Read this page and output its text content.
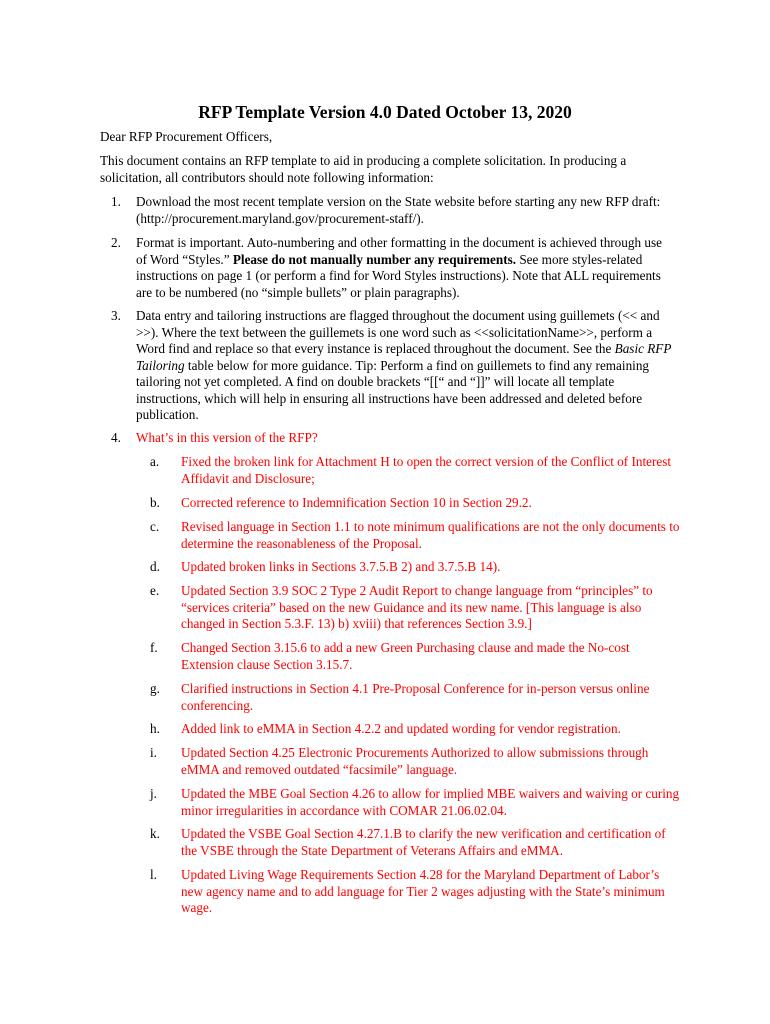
RFP Template Version 4.0 Dated October 13, 2020
Dear RFP Procurement Officers,
This document contains an RFP template to aid in producing a complete solicitation. In producing a solicitation, all contributors should note following information:
1. Download the most recent template version on the State website before starting any new RFP draft: (http://procurement.maryland.gov/procurement-staff/).
2. Format is important. Auto-numbering and other formatting in the document is achieved through use of Word “Styles.” Please do not manually number any requirements. See more styles-related instructions on page 1 (or perform a find for Word Styles instructions). Note that ALL requirements are to be numbered (no “simple bullets” or plain paragraphs).
3. Data entry and tailoring instructions are flagged throughout the document using guillemets (<< and >>). Where the text between the guillemets is one word such as <<solicitationName>>, perform a Word find and replace so that every instance is replaced throughout the document. See the Basic RFP Tailoring table below for more guidance. Tip: Perform a find on guillemets to find any remaining tailoring not yet completed. A find on double brackets “[[“ and “]]” will locate all template instructions, which will help in ensuring all instructions have been addressed and deleted before publication.
4. What’s in this version of the RFP?
a.	Fixed the broken link for Attachment H to open the correct version of the Conflict of Interest Affidavit and Disclosure;
b.	Corrected reference to Indemnification Section 10 in Section 29.2.
c.	Revised language in Section 1.1 to note minimum qualifications are not the only documents to determine the reasonableness of the Proposal.
d.	Updated broken links in Sections 3.7.5.B 2) and 3.7.5.B 14).
e.	Updated Section 3.9 SOC 2 Type 2 Audit Report to change language from “principles” to “services criteria” based on the new Guidance and its new name. [This language is also changed in Section 5.3.F. 13) b) xviii) that references Section 3.9.]
f.	Changed Section 3.15.6 to add a new Green Purchasing clause and made the No-cost Extension clause Section 3.15.7.
g.	Clarified instructions in Section 4.1 Pre-Proposal Conference for in-person versus online conferencing.
h.	Added link to eMMA in Section 4.2.2 and updated wording for vendor registration.
i.	Updated Section 4.25 Electronic Procurements Authorized to allow submissions through eMMA and removed outdated “facsimile” language.
j.	Updated the MBE Goal Section 4.26 to allow for implied MBE waivers and waiving or curing minor irregularities in accordance with COMAR 21.06.02.04.
k.	Updated the VSBE Goal Section 4.27.1.B to clarify the new verification and certification of the VSBE through the State Department of Veterans Affairs and eMMA.
l.	Updated Living Wage Requirements Section 4.28 for the Maryland Department of Labor’s new agency name and to add language for Tier 2 wages adjusting with the State’s minimum wage.
